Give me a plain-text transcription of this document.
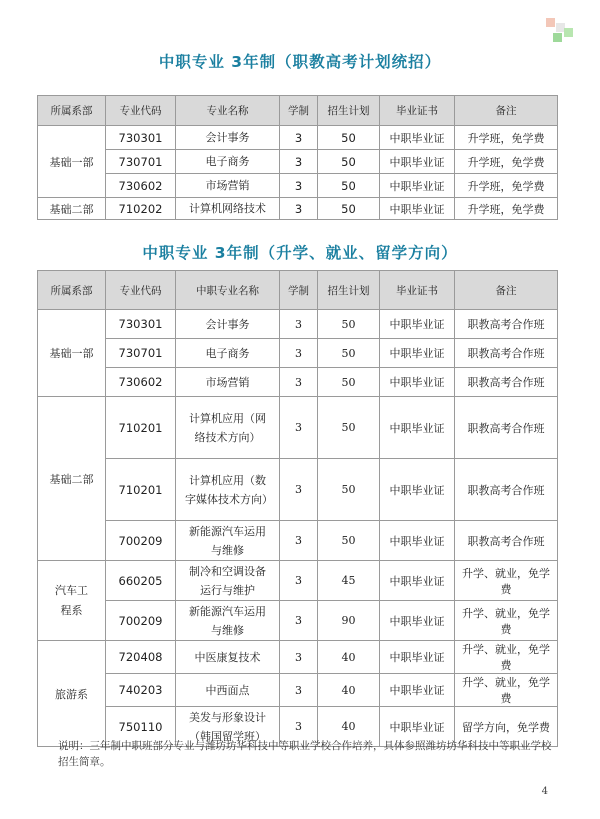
中职专业 3年制（职教高考计划统招）
所属系部	专业代码	专业名称	学制	招生计划	毕业证书	备注
基础一部	730301	会计事务	3	50	中职毕业证	升学班，免学费
	730701	电子商务	3	50	中职毕业证	升学班，免学费
	730602	市场营销	3	50	中职毕业证	升学班，免学费
基础二部	710202	计算机网络技术	3	50	中职毕业证	升学班，免学费
中职专业 3年制（升学、就业、留学方向）
所属系部	专业代码	中职专业名称	学制	招生计划	毕业证书	备注
基础一部	730301	会计事务	3	50	中职毕业证	职教高考合作班
	730701	电子商务	3	50	中职毕业证	职教高考合作班
	730602	市场营销	3	50	中职毕业证	职教高考合作班
基础二部	710201	计算机应用（网络技术方向）	3	50	中职毕业证	职教高考合作班
	710201	计算机应用（数字媒体技术方向）	3	50	中职毕业证	职教高考合作班
	700209	新能源汽车运用与维修	3	50	中职毕业证	职教高考合作班
汽车工程系	660205	制冷和空调设备运行与维护	3	45	中职毕业证	升学、就业，免学费
	700209	新能源汽车运用与维修	3	90	中职毕业证	升学、就业，免学费
旅游系	720408	中医康复技术	3	40	中职毕业证	升学、就业，免学费
	740203	中西面点	3	40	中职毕业证	升学、就业，免学费
	750110	美发与形象设计（韩国留学班）	3	40	中职毕业证	留学方向，免学费
说明：三年制中职班部分专业与潍坊坊华科技中等职业学校合作培养，具体参照潍坊坊华科技中等职业学校招生简章。
4
